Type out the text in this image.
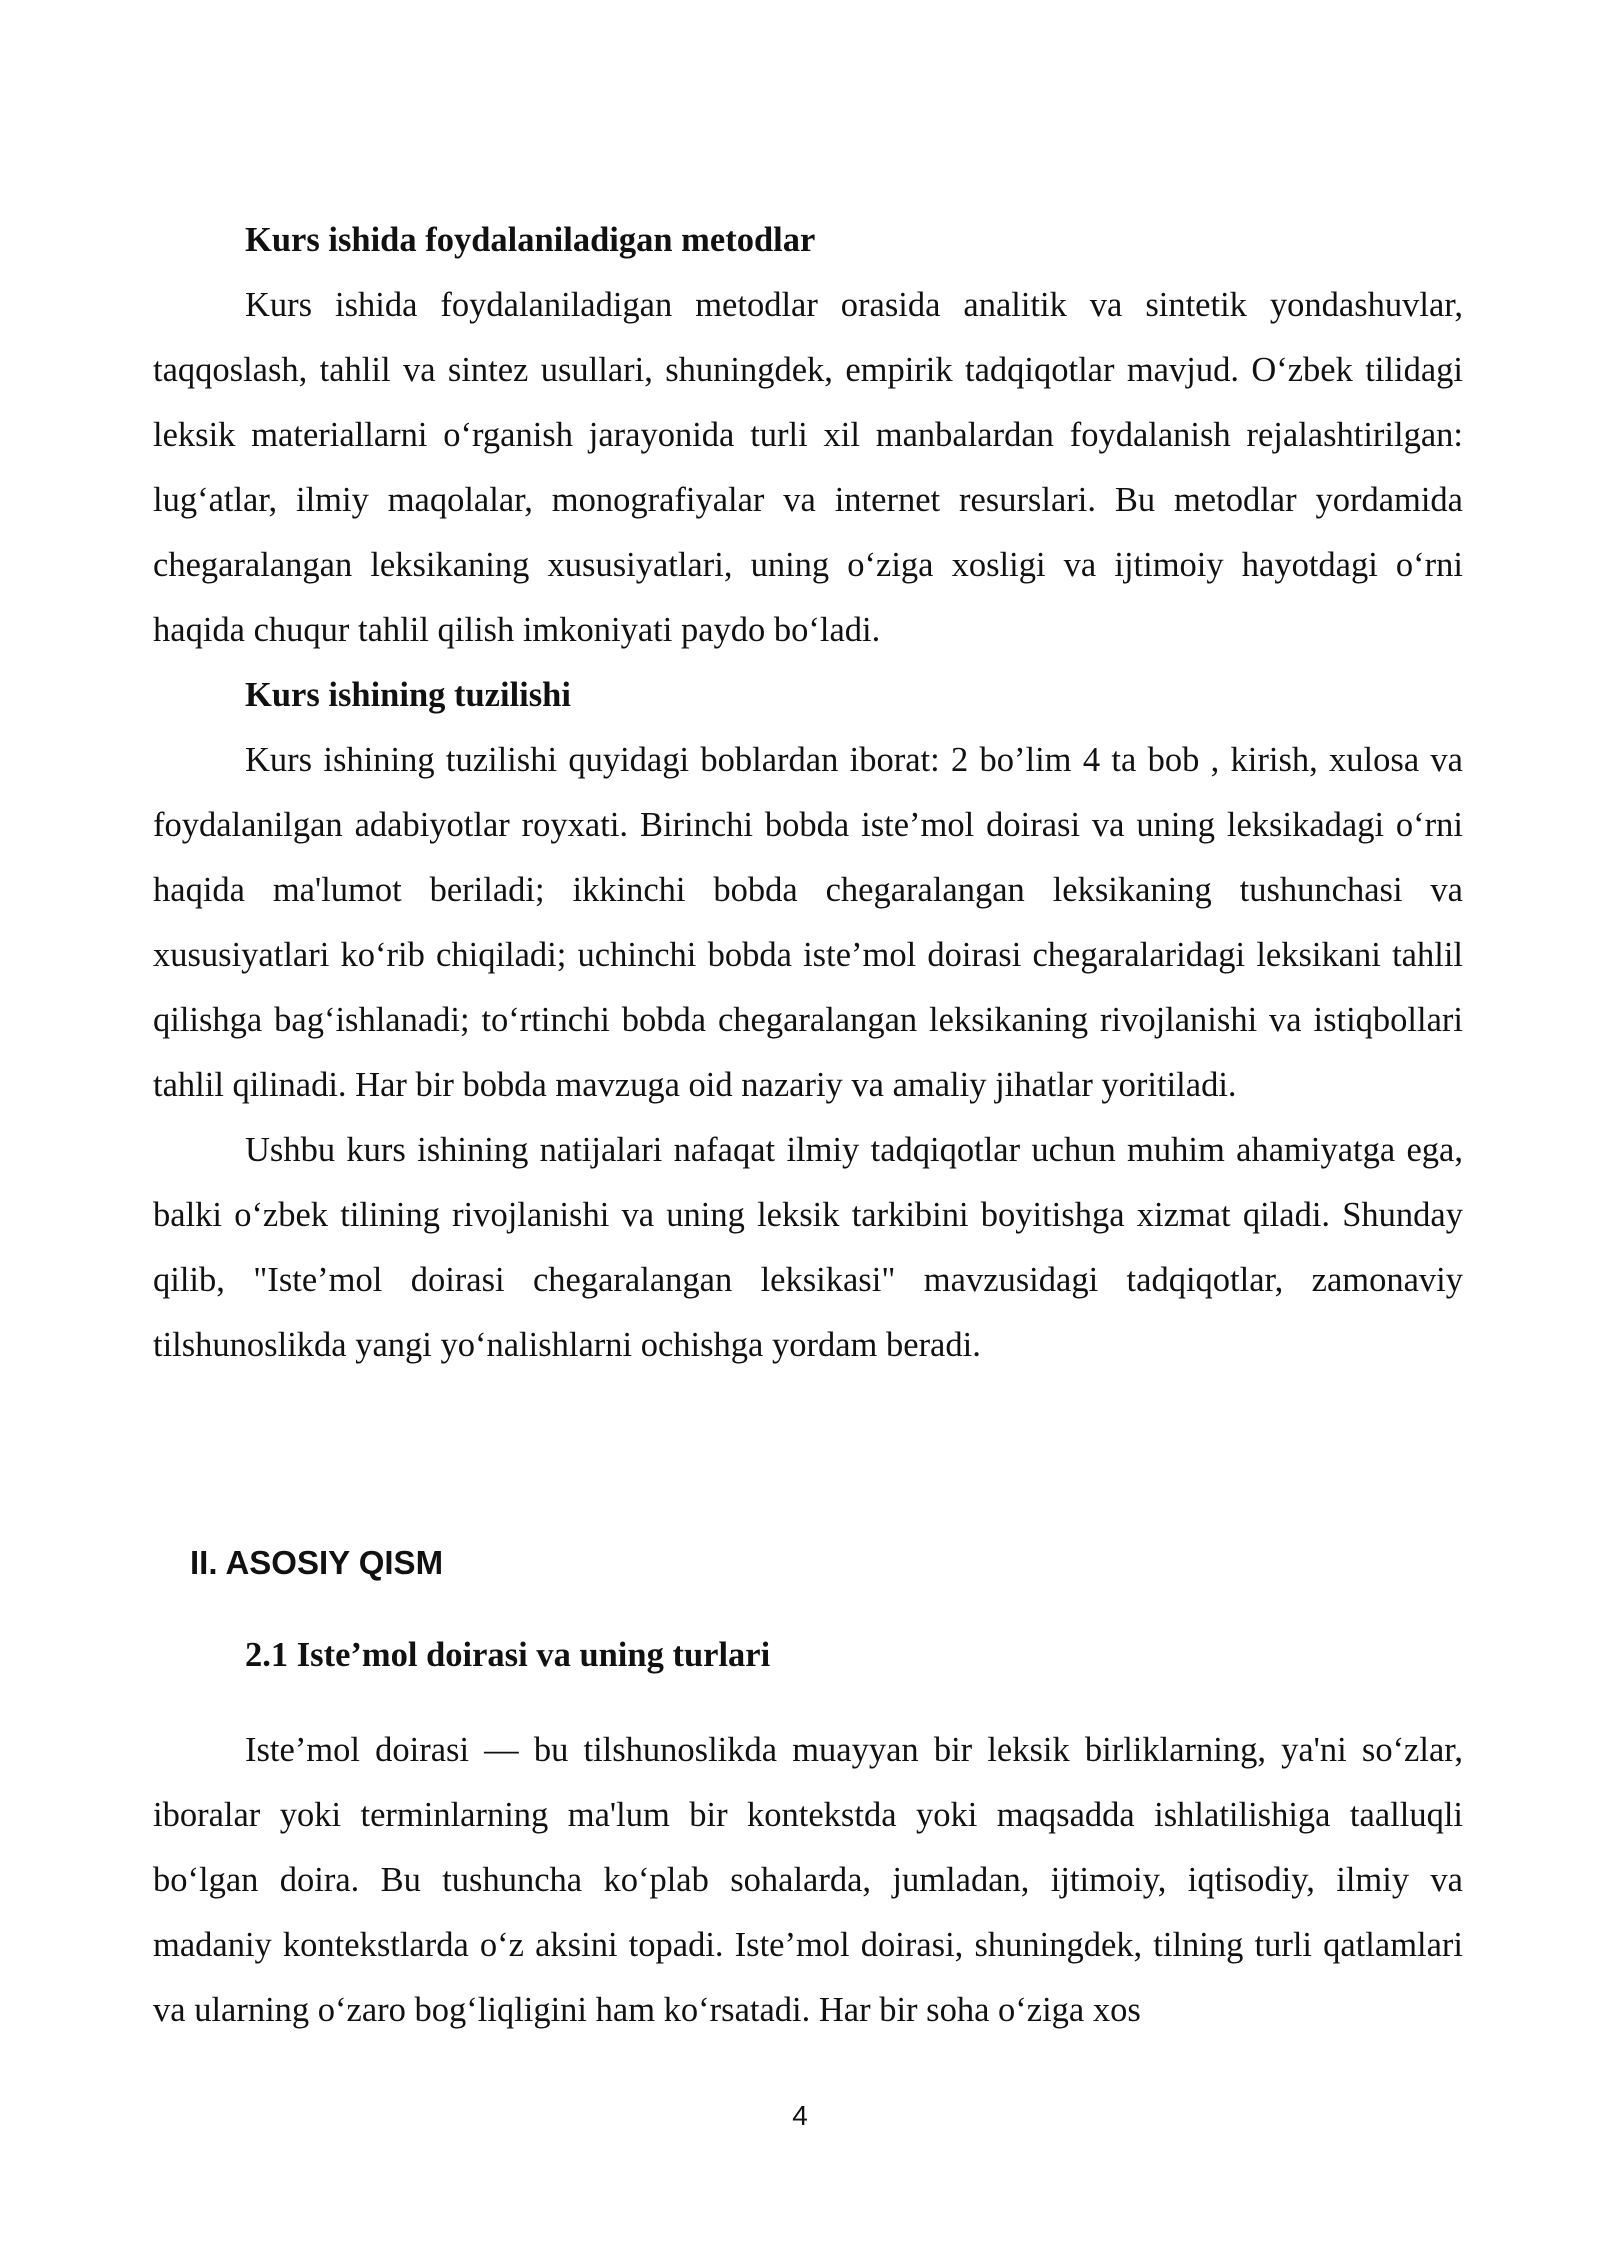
Kurs ishida foydalaniladigan metodlar

Kurs ishida foydalaniladigan metodlar orasida analitik va sintetik yondashuvlar, taqqoslash, tahlil va sintez usullari, shuningdek, empirik tadqiqotlar mavjud. O‘zbek tilidagi leksik materiallarni o‘rganish jarayonida turli xil manbalardan foydalanish rejalashtirilgan: lug‘atlar, ilmiy maqolalar, monografiyalar va internet resurslari. Bu metodlar yordamida chegaralangan leksikaning xususiyatlari, uning o‘ziga xosligi va ijtimoiy hayotdagi o‘rni haqida chuqur tahlil qilish imkoniyati paydo bo‘ladi.

Kurs ishining tuzilishi

Kurs ishining tuzilishi quyidagi boblardan iborat: 2 bo’lim 4 ta bob , kirish, xulosa va foydalanilgan adabiyotlar royxati. Birinchi bobda iste’mol doirasi va uning leksikadagi o‘rni haqida ma'lumot beriladi; ikkinchi bobda chegaralangan leksikaning tushunchasi va xususiyatlari ko‘rib chiqiladi; uchinchi bobda iste’mol doirasi chegaralaridagi leksikani tahlil qilishga bag‘ishlanadi; to‘rtinchi bobda chegaralangan leksikaning rivojlanishi va istiqbollari tahlil qilinadi. Har bir bobda mavzuga oid nazariy va amaliy jihatlar yoritiladi.

Ushbu kurs ishining natijalari nafaqat ilmiy tadqiqotlar uchun muhim ahamiyatga ega, balki o‘zbek tilining rivojlanishi va uning leksik tarkibini boyitishga xizmat qiladi. Shunday qilib, "Iste’mol doirasi chegaralangan leksikasi" mavzusidagi tadqiqotlar, zamonaviy tilshunoslikda yangi yo‘nalishlarni ochishga yordam beradi.

II. ASOSIY QISM

2.1 Iste’mol doirasi va uning turlari

Iste’mol doirasi — bu tilshunoslikda muayyan bir leksik birliklarning, ya'ni so‘zlar, iboralar yoki terminlarning ma'lum bir kontekstda yoki maqsadda ishlatilishiga taalluqli bo‘lgan doira. Bu tushuncha ko‘plab sohalarda, jumladan, ijtimoiy, iqtisodiy, ilmiy va madaniy kontekstlarda o‘z aksini topadi. Iste’mol doirasi, shuningdek, tilning turli qatlamlari va ularning o‘zaro bog‘liqligini ham ko‘rsatadi. Har bir soha o‘ziga xos

4
